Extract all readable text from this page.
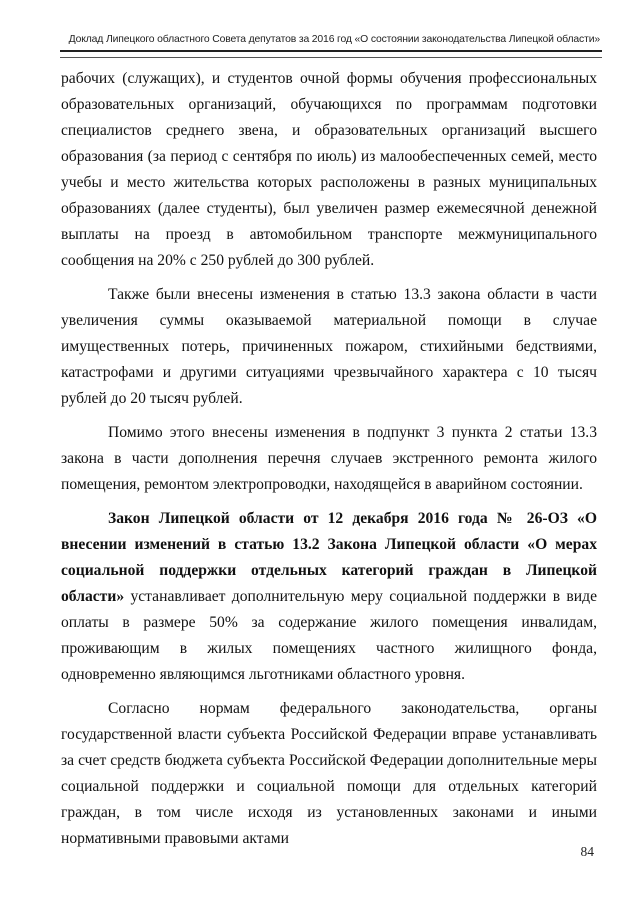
Доклад Липецкого областного Совета депутатов за 2016 год «О состоянии законодательства Липецкой области»

рабочих (служащих), и студентов очной формы обучения профессиональных образовательных организаций, обучающихся по программам подготовки специалистов среднего звена, и образовательных организаций высшего образования (за период с сентября по июль) из малообеспеченных семей, место учебы и место жительства которых расположены в разных муниципальных образованиях (далее студенты), был увеличен размер ежемесячной денежной выплаты на проезд в автомобильном транспорте межмуниципального сообщения на 20% с 250 рублей до 300 рублей.

Также были внесены изменения в статью 13.3 закона области в части увеличения суммы оказываемой материальной помощи в случае имущественных потерь, причиненных пожаром, стихийными бедствиями, катастрофами и другими ситуациями чрезвычайного характера с 10 тысяч рублей до 20 тысяч рублей.

Помимо этого внесены изменения в подпункт 3 пункта 2 статьи 13.3 закона в части дополнения перечня случаев экстренного ремонта жилого помещения, ремонтом электропроводки, находящейся в аварийном состоянии.

Закон Липецкой области от 12 декабря 2016 года № 26-ОЗ «О внесении изменений в статью 13.2 Закона Липецкой области «О мерах социальной поддержки отдельных категорий граждан в Липецкой области» устанавливает дополнительную меру социальной поддержки в виде оплаты в размере 50% за содержание жилого помещения инвалидам, проживающим в жилых помещениях частного жилищного фонда, одновременно являющимся льготниками областного уровня.

Согласно нормам федерального законодательства, органы государственной власти субъекта Российской Федерации вправе устанавливать за счет средств бюджета субъекта Российской Федерации дополнительные меры социальной поддержки и социальной помощи для отдельных категорий граждан, в том числе исходя из установленных законами и иными нормативными правовыми актами

84
